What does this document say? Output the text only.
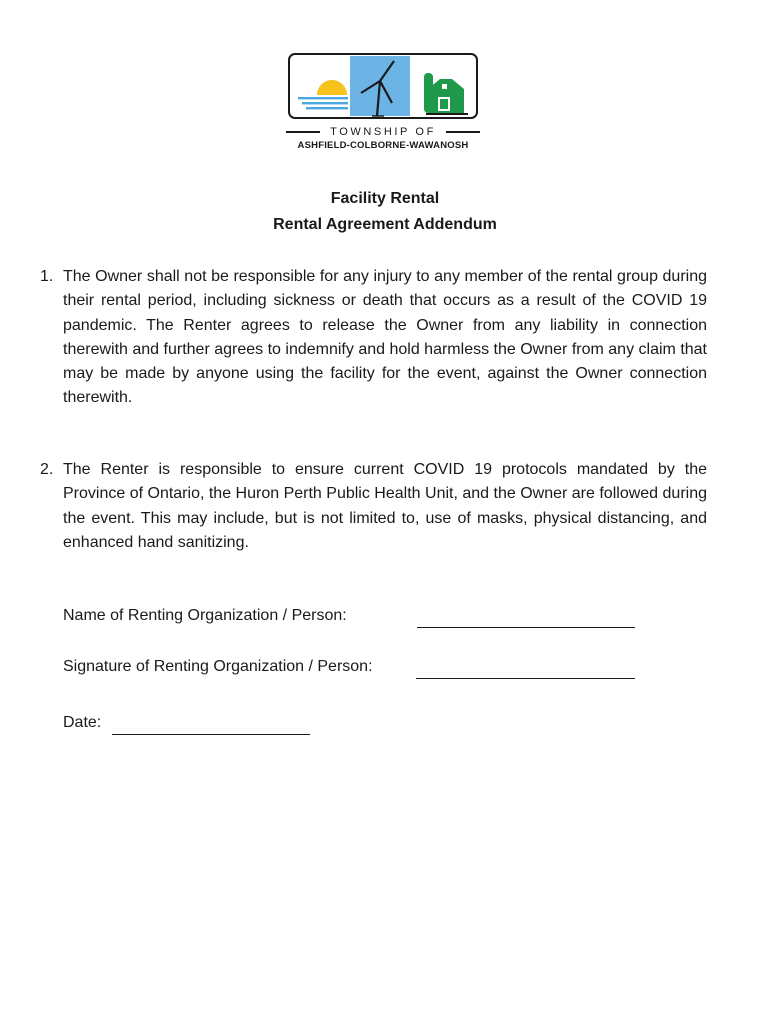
TOWNSHIP OF
ASHFIELD-COLBORNE-WAWANOSH
Facility Rental
Rental Agreement Addendum
1. The Owner shall not be responsible for any injury to any member of the rental group during their rental period, including sickness or death that occurs as a result of the COVID 19 pandemic. The Renter agrees to release the Owner from any liability in connection therewith and further agrees to indemnify and hold harmless the Owner from any claim that may be made by anyone using the facility for the event, against the Owner connection therewith.
2. The Renter is responsible to ensure current COVID 19 protocols mandated by the Province of Ontario, the Huron Perth Public Health Unit, and the Owner are followed during the event. This may include, but is not limited to, use of masks, physical distancing, and enhanced hand sanitizing.
Name of Renting Organization / Person:
Signature of Renting Organization / Person:
Date:
